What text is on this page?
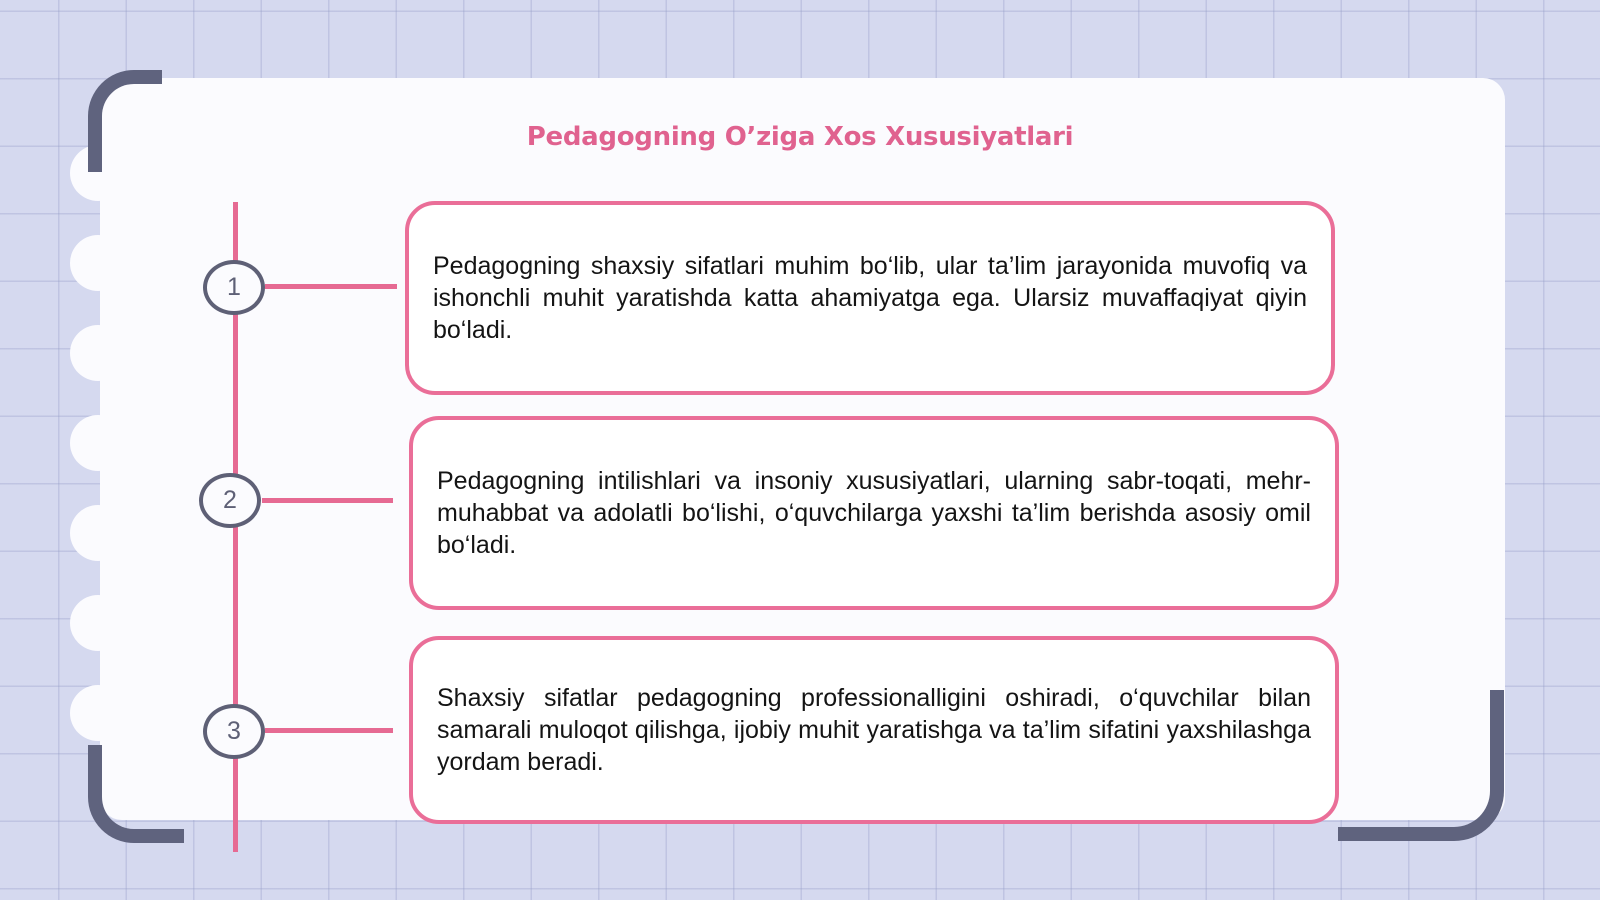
Pedagogning O’ziga Xos Xususiyatlari
1
2
3

Pedagogning shaxsiy sifatlari muhim bo‘lib, ular ta’lim jarayonida muvofiq va ishonchli muhit yaratishda katta ahamiyatga ega. Ularsiz muvaffaqiyat qiyin bo‘ladi.

Pedagogning intilishlari va insoniy xususiyatlari, ularning sabr-toqati, mehr-muhabbat va adolatli bo‘lishi, o‘quvchilarga yaxshi ta’lim berishda asosiy omil bo‘ladi.

Shaxsiy sifatlar pedagogning professionalligini oshiradi, o‘quvchilar bilan samarali muloqot qilishga, ijobiy muhit yaratishga va ta’lim sifatini yaxshilashga yordam beradi.
